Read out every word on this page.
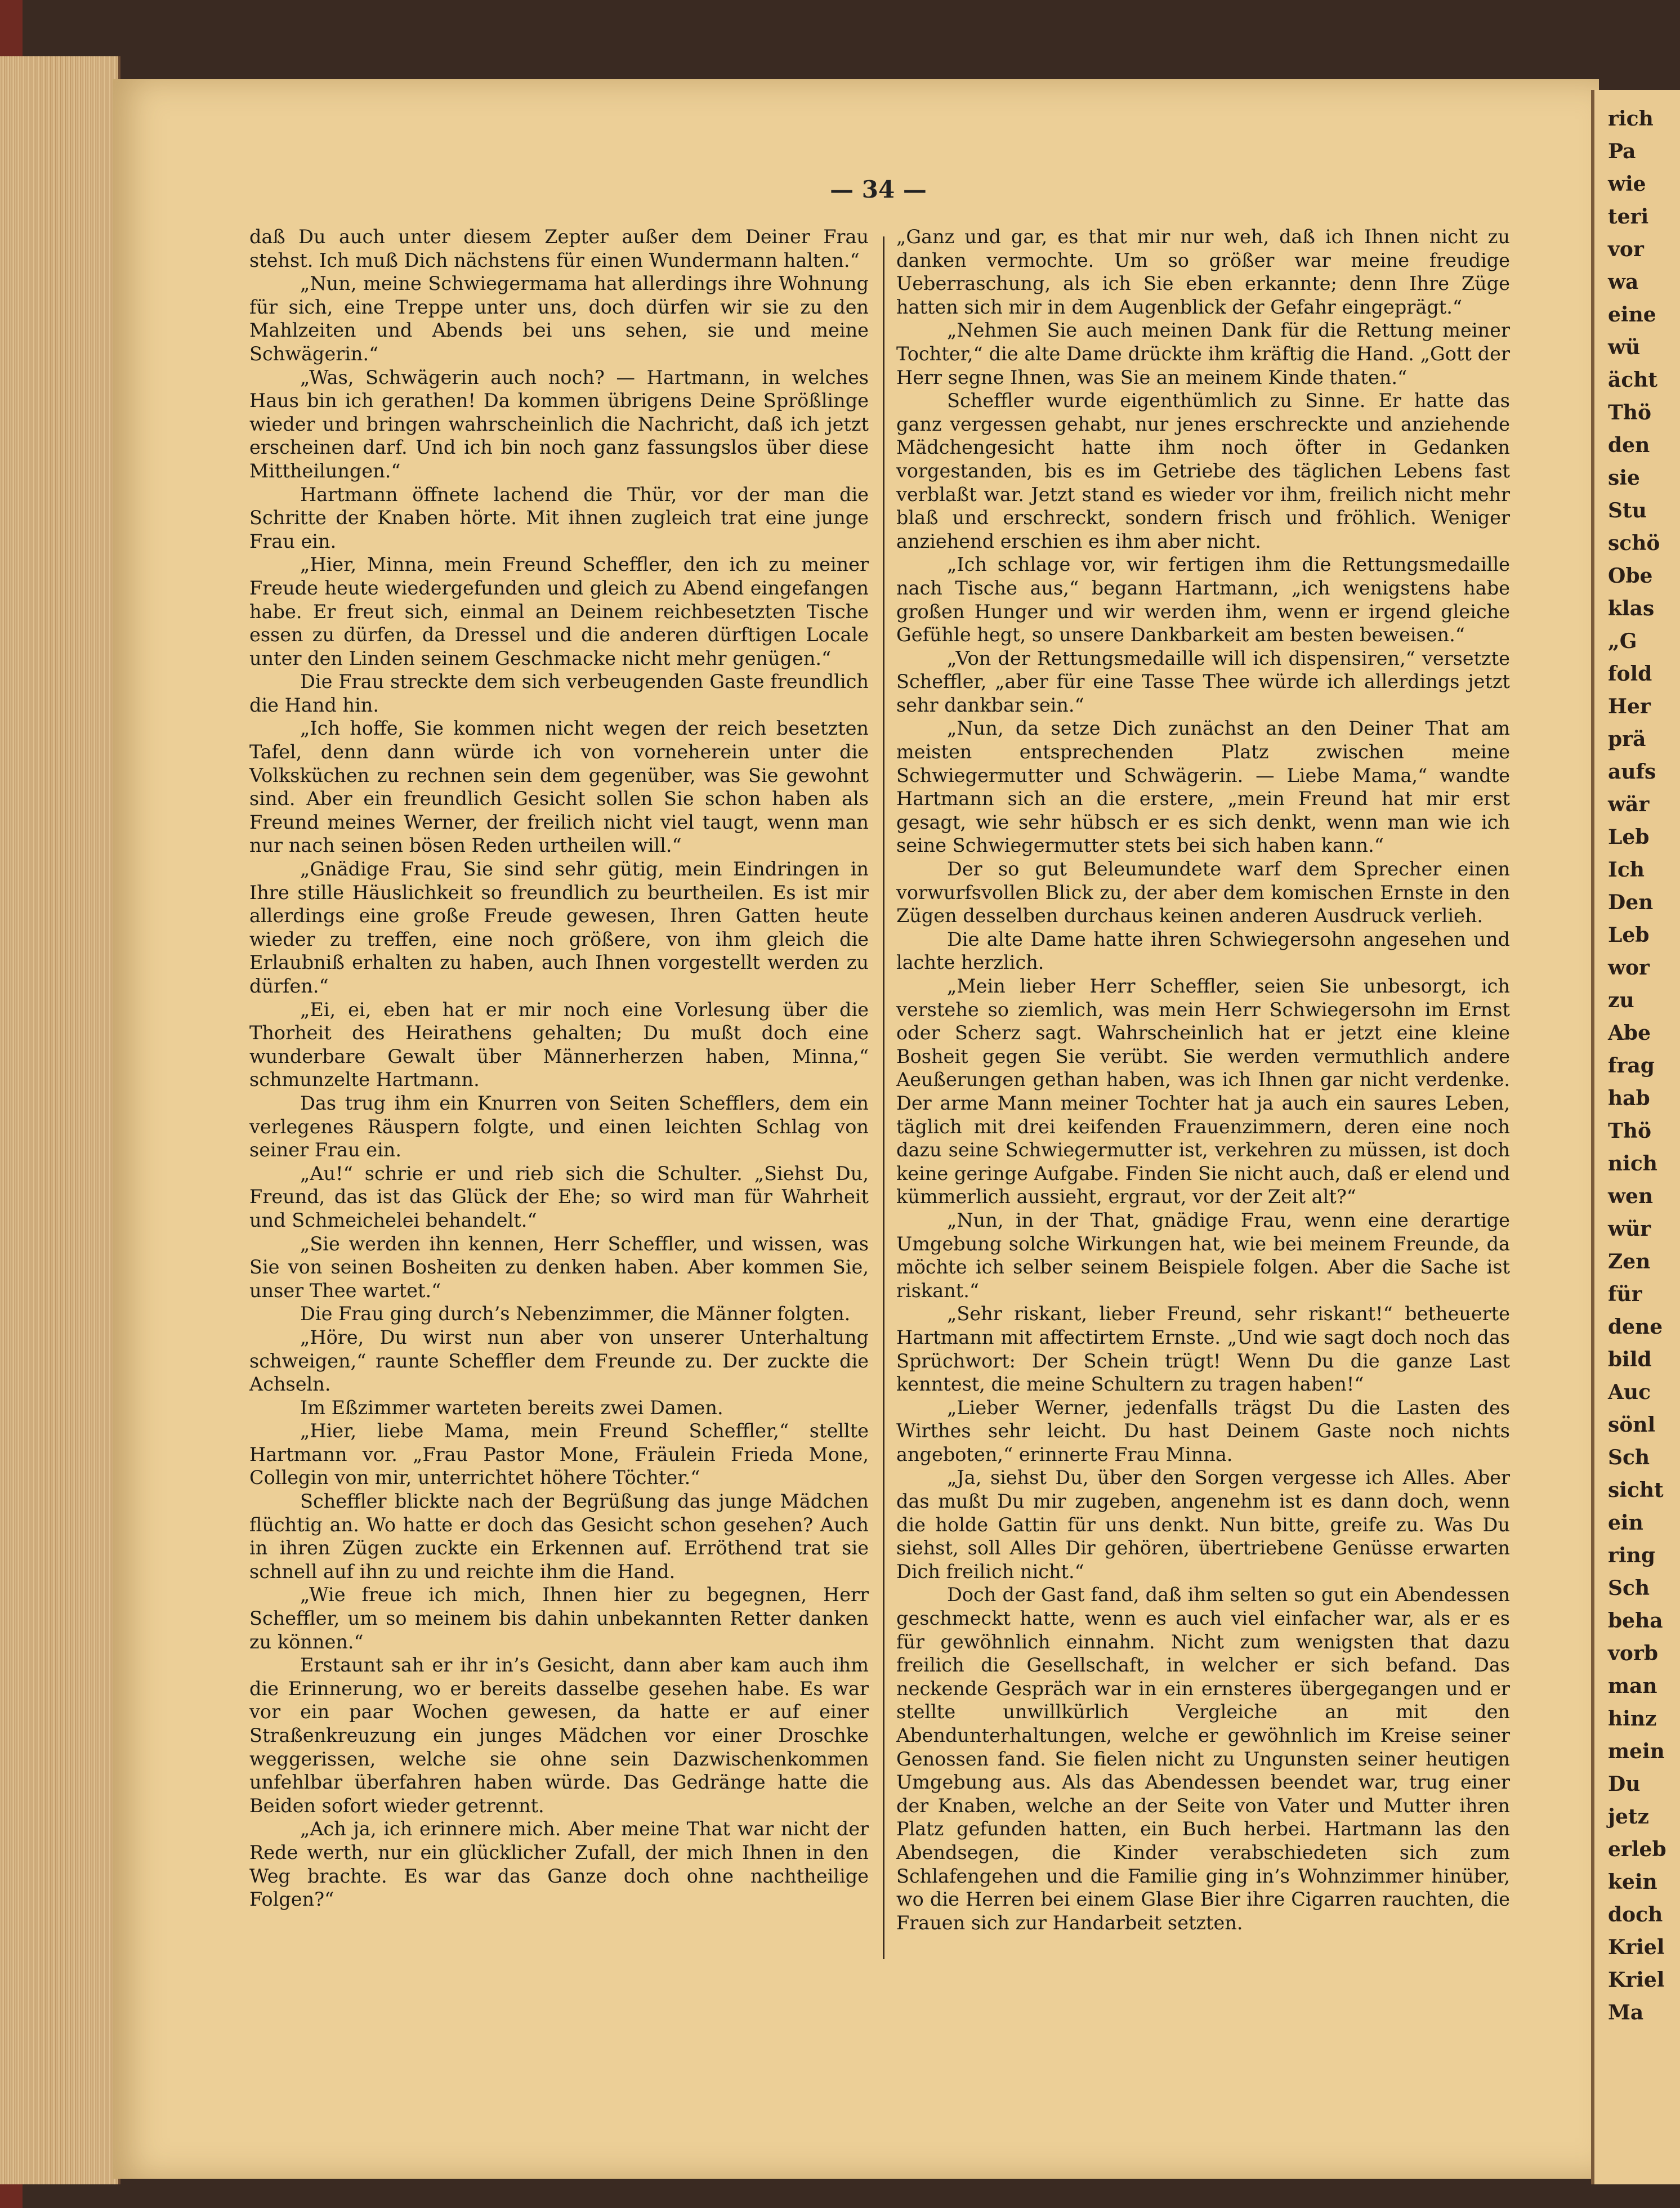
rich
Pa
wie
teri
vor
wa
eine
wü
ächt
Thö
den
sie
Stu
schö
Obe
klas
„G
fold
Her
prä
aufs
wär
Leb
Ich
Den
Leb
wor
zu
Abe
frag
hab
Thö
nich
wen
wür
Zen
für
dene
bild
Auc
sönl
Sch
sicht
ein
ring
Sch
beha
vorb
man
hinz
mein
Du
jetz
erleb
kein
doch
Kriel
Kriel
Ma
— 34 —

daß Du auch unter diesem Zepter außer dem Deiner Frau stehst. Ich muß Dich nächstens für einen Wundermann halten.“

„Nun, meine Schwiegermama hat allerdings ihre Wohnung für sich, eine Treppe unter uns, doch dürfen wir sie zu den Mahlzeiten und Abends bei uns sehen, sie und meine Schwägerin.“

„Was, Schwägerin auch noch? — Hartmann, in welches Haus bin ich gerathen! Da kommen übrigens Deine Sprößlinge wieder und bringen wahrscheinlich die Nachricht, daß ich jetzt erscheinen darf. Und ich bin noch ganz fassungslos über diese Mittheilungen.“

Hartmann öffnete lachend die Thür, vor der man die Schritte der Knaben hörte. Mit ihnen zugleich trat eine junge Frau ein.

„Hier, Minna, mein Freund Scheffler, den ich zu meiner Freude heute wiedergefunden und gleich zu Abend eingefangen habe. Er freut sich, einmal an Deinem reichbesetzten Tische essen zu dürfen, da Dressel und die anderen dürftigen Locale unter den Linden seinem Geschmacke nicht mehr genügen.“

Die Frau streckte dem sich verbeugenden Gaste freundlich die Hand hin.

„Ich hoffe, Sie kommen nicht wegen der reich besetzten Tafel, denn dann würde ich von vorneherein unter die Volksküchen zu rechnen sein dem gegenüber, was Sie gewohnt sind. Aber ein freundlich Gesicht sollen Sie schon haben als Freund meines Werner, der freilich nicht viel taugt, wenn man nur nach seinen bösen Reden urtheilen will.“

„Gnädige Frau, Sie sind sehr gütig, mein Eindringen in Ihre stille Häuslichkeit so freundlich zu beurtheilen. Es ist mir allerdings eine große Freude gewesen, Ihren Gatten heute wieder zu treffen, eine noch größere, von ihm gleich die Erlaubniß erhalten zu haben, auch Ihnen vorgestellt werden zu dürfen.“

„Ei, ei, eben hat er mir noch eine Vorlesung über die Thorheit des Heirathens gehalten; Du mußt doch eine wunderbare Gewalt über Männerherzen haben, Minna,“ schmunzelte Hartmann.

Das trug ihm ein Knurren von Seiten Schefflers, dem ein verlegenes Räuspern folgte, und einen leichten Schlag von seiner Frau ein.

„Au!“ schrie er und rieb sich die Schulter. „Siehst Du, Freund, das ist das Glück der Ehe; so wird man für Wahrheit und Schmeichelei behandelt.“

„Sie werden ihn kennen, Herr Scheffler, und wissen, was Sie von seinen Bosheiten zu denken haben. Aber kommen Sie, unser Thee wartet.“

Die Frau ging durch’s Nebenzimmer, die Männer folgten.

„Höre, Du wirst nun aber von unserer Unterhaltung schweigen,“ raunte Scheffler dem Freunde zu. Der zuckte die Achseln.

Im Eßzimmer warteten bereits zwei Damen.

„Hier, liebe Mama, mein Freund Scheffler,“ stellte Hartmann vor. „Frau Pastor Mone, Fräulein Frieda Mone, Collegin von mir, unterrichtet höhere Töchter.“

Scheffler blickte nach der Begrüßung das junge Mädchen flüchtig an. Wo hatte er doch das Gesicht schon gesehen? Auch in ihren Zügen zuckte ein Erkennen auf. Erröthend trat sie schnell auf ihn zu und reichte ihm die Hand.

„Wie freue ich mich, Ihnen hier zu begegnen, Herr Scheffler, um so meinem bis dahin unbekannten Retter danken zu können.“

Erstaunt sah er ihr in’s Gesicht, dann aber kam auch ihm die Erinnerung, wo er bereits dasselbe gesehen habe. Es war vor ein paar Wochen gewesen, da hatte er auf einer Straßenkreuzung ein junges Mädchen vor einer Droschke weggerissen, welche sie ohne sein Dazwischenkommen unfehlbar überfahren haben würde. Das Gedränge hatte die Beiden sofort wieder getrennt.

„Ach ja, ich erinnere mich. Aber meine That war nicht der Rede werth, nur ein glücklicher Zufall, der mich Ihnen in den Weg brachte. Es war das Ganze doch ohne nachtheilige Folgen?“

„Ganz und gar, es that mir nur weh, daß ich Ihnen nicht zu danken vermochte. Um so größer war meine freudige Ueberraschung, als ich Sie eben erkannte; denn Ihre Züge hatten sich mir in dem Augenblick der Gefahr eingeprägt.“

„Nehmen Sie auch meinen Dank für die Rettung meiner Tochter,“ die alte Dame drückte ihm kräftig die Hand. „Gott der Herr segne Ihnen, was Sie an meinem Kinde thaten.“

Scheffler wurde eigenthümlich zu Sinne. Er hatte das ganz vergessen gehabt, nur jenes erschreckte und anziehende Mädchengesicht hatte ihm noch öfter in Gedanken vorgestanden, bis es im Getriebe des täglichen Lebens fast verblaßt war. Jetzt stand es wieder vor ihm, freilich nicht mehr blaß und erschreckt, sondern frisch und fröhlich. Weniger anziehend erschien es ihm aber nicht.

„Ich schlage vor, wir fertigen ihm die Rettungsmedaille nach Tische aus,“ begann Hartmann, „ich wenigstens habe großen Hunger und wir werden ihm, wenn er irgend gleiche Gefühle hegt, so unsere Dankbarkeit am besten beweisen.“

„Von der Rettungsmedaille will ich dispensiren,“ versetzte Scheffler, „aber für eine Tasse Thee würde ich allerdings jetzt sehr dankbar sein.“

„Nun, da setze Dich zunächst an den Deiner That am meisten entsprechenden Platz zwischen meine Schwiegermutter und Schwägerin. — Liebe Mama,“ wandte Hartmann sich an die erstere, „mein Freund hat mir erst gesagt, wie sehr hübsch er es sich denkt, wenn man wie ich seine Schwiegermutter stets bei sich haben kann.“

Der so gut Beleumundete warf dem Sprecher einen vorwurfsvollen Blick zu, der aber dem komischen Ernste in den Zügen desselben durchaus keinen anderen Ausdruck verlieh.

Die alte Dame hatte ihren Schwiegersohn angesehen und lachte herzlich.

„Mein lieber Herr Scheffler, seien Sie unbesorgt, ich verstehe so ziemlich, was mein Herr Schwiegersohn im Ernst oder Scherz sagt. Wahrscheinlich hat er jetzt eine kleine Bosheit gegen Sie verübt. Sie werden vermuthlich andere Aeußerungen gethan haben, was ich Ihnen gar nicht verdenke. Der arme Mann meiner Tochter hat ja auch ein saures Leben, täglich mit drei keifenden Frauenzimmern, deren eine noch dazu seine Schwiegermutter ist, verkehren zu müssen, ist doch keine geringe Aufgabe. Finden Sie nicht auch, daß er elend und kümmerlich aussieht, ergraut, vor der Zeit alt?“

„Nun, in der That, gnädige Frau, wenn eine derartige Umgebung solche Wirkungen hat, wie bei meinem Freunde, da möchte ich selber seinem Beispiele folgen. Aber die Sache ist riskant.“

„Sehr riskant, lieber Freund, sehr riskant!“ betheuerte Hartmann mit affectirtem Ernste. „Und wie sagt doch noch das Sprüchwort: Der Schein trügt! Wenn Du die ganze Last kenntest, die meine Schultern zu tragen haben!“

„Lieber Werner, jedenfalls trägst Du die Lasten des Wirthes sehr leicht. Du hast Deinem Gaste noch nichts angeboten,“ erinnerte Frau Minna.

„Ja, siehst Du, über den Sorgen vergesse ich Alles. Aber das mußt Du mir zugeben, angenehm ist es dann doch, wenn die holde Gattin für uns denkt. Nun bitte, greife zu. Was Du siehst, soll Alles Dir gehören, übertriebene Genüsse erwarten Dich freilich nicht.“

Doch der Gast fand, daß ihm selten so gut ein Abendessen geschmeckt hatte, wenn es auch viel einfacher war, als er es für gewöhnlich einnahm. Nicht zum wenigsten that dazu freilich die Gesellschaft, in welcher er sich befand. Das neckende Gespräch war in ein ernsteres übergegangen und er stellte unwillkürlich Vergleiche an mit den Abendunterhaltungen, welche er gewöhnlich im Kreise seiner Genossen fand. Sie fielen nicht zu Ungunsten seiner heutigen Umgebung aus. Als das Abendessen beendet war, trug einer der Knaben, welche an der Seite von Vater und Mutter ihren Platz gefunden hatten, ein Buch herbei. Hartmann las den Abendsegen, die Kinder verabschiedeten sich zum Schlafengehen und die Familie ging in’s Wohnzimmer hinüber, wo die Herren bei einem Glase Bier ihre Cigarren rauchten, die Frauen sich zur Handarbeit setzten.
